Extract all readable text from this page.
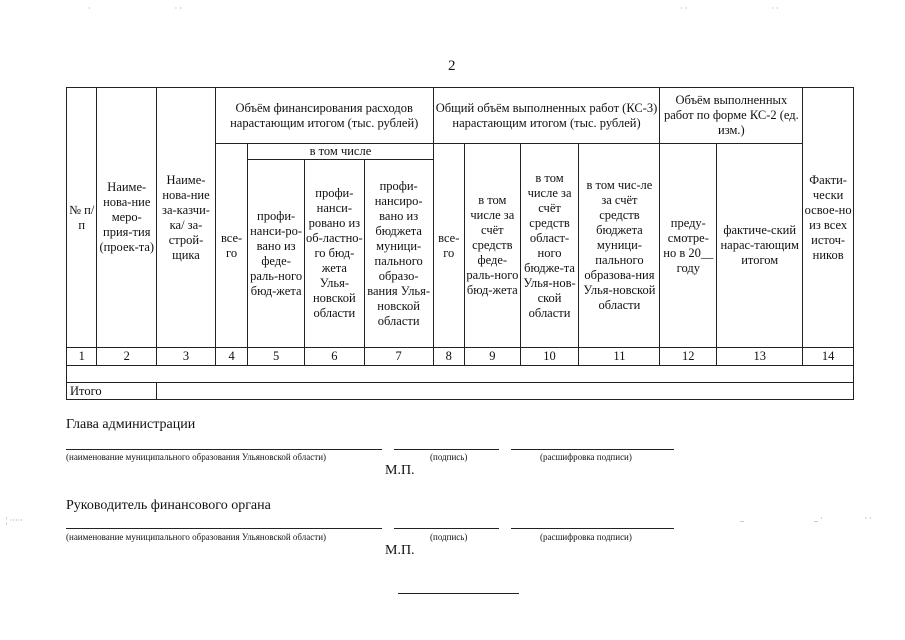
·                                          · ·	· ·                                          · ·
¦ ·····	_                                   _ ·                     · ·
2
№ п/п	Наиме-нова-ние меро-прия-тия (проек-та)	Наиме-нова-ние за-казчи-ка/ за-строй-щика	Объём финансирования расходов нарастающим итогом (тыс. рублей)				Общий объём выполненных работ (КС-3) нарастающим итогом (тыс. рублей)				Объём выполненных работ по форме КС-2 (ед. изм.)		Факти-чески освое-но из всех источ-ников
			все-го	в том числе			все-го	в том числе за счёт средств феде-раль-ного бюд-жета	в том числе за счёт средств област-ного бюдже-та Улья-нов-ской области	в том чис-ле за счёт средств бюджета муници-пального образова-ния Улья-новской области	преду-смотре-но в 20__ году	фактиче-ский нарас-тающим итогом	
				профи-нанси-ро-вано из феде-раль-ного бюд-жета	профи-нанси-ровано из об-ластно-го бюд-жета Улья-новской области	профи-нансиро-вано из бюджета муници-пального образо-вания Улья-новской области							
1	2	3	4	5	6	7	8	9	10	11	12	13	14

Итого													
Глава администрации
(наименование муниципального образования Ульяновской области)	(подпись)	(расшифровка подписи)
М.П.
Руководитель финансового органа
(наименование муниципального образования Ульяновской области)	(подпись)	(расшифровка подписи)
М.П.
